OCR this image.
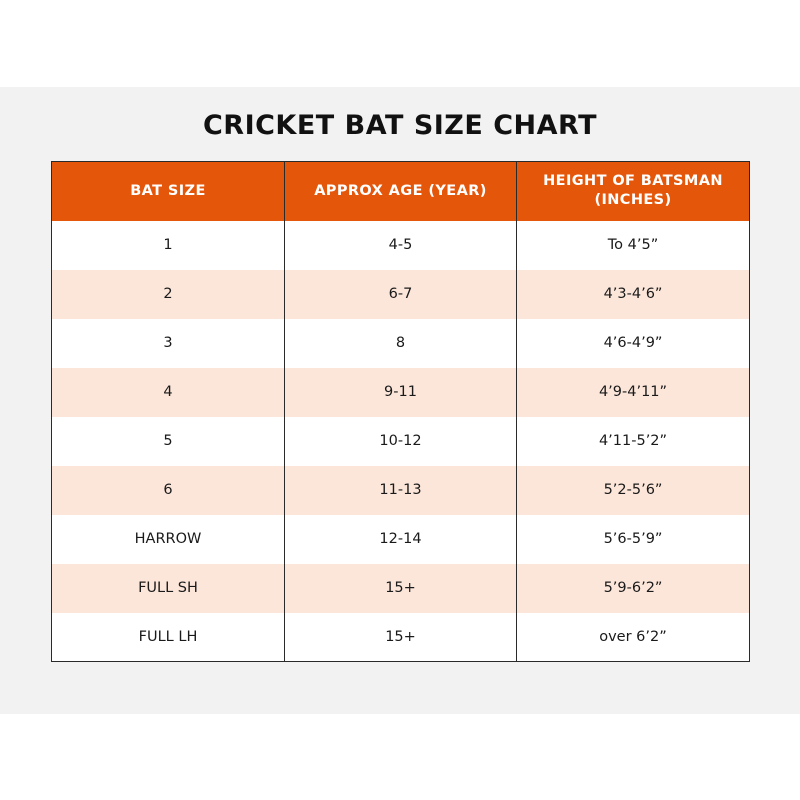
CRICKET BAT SIZE CHART
BAT SIZE	APPROX AGE (YEAR)	HEIGHT OF BATSMAN
(INCHES)

1	4-5	To 4’5”
2	6-7	4’3-4’6”
3	8	4’6-4’9”
4	9-11	4’9-4’11”
5	10-12	4’11-5’2”
6	11-13	5’2-5’6”
HARROW	12-14	5’6-5’9”
FULL SH	15+	5’9-6’2”
FULL LH	15+	over 6’2”
